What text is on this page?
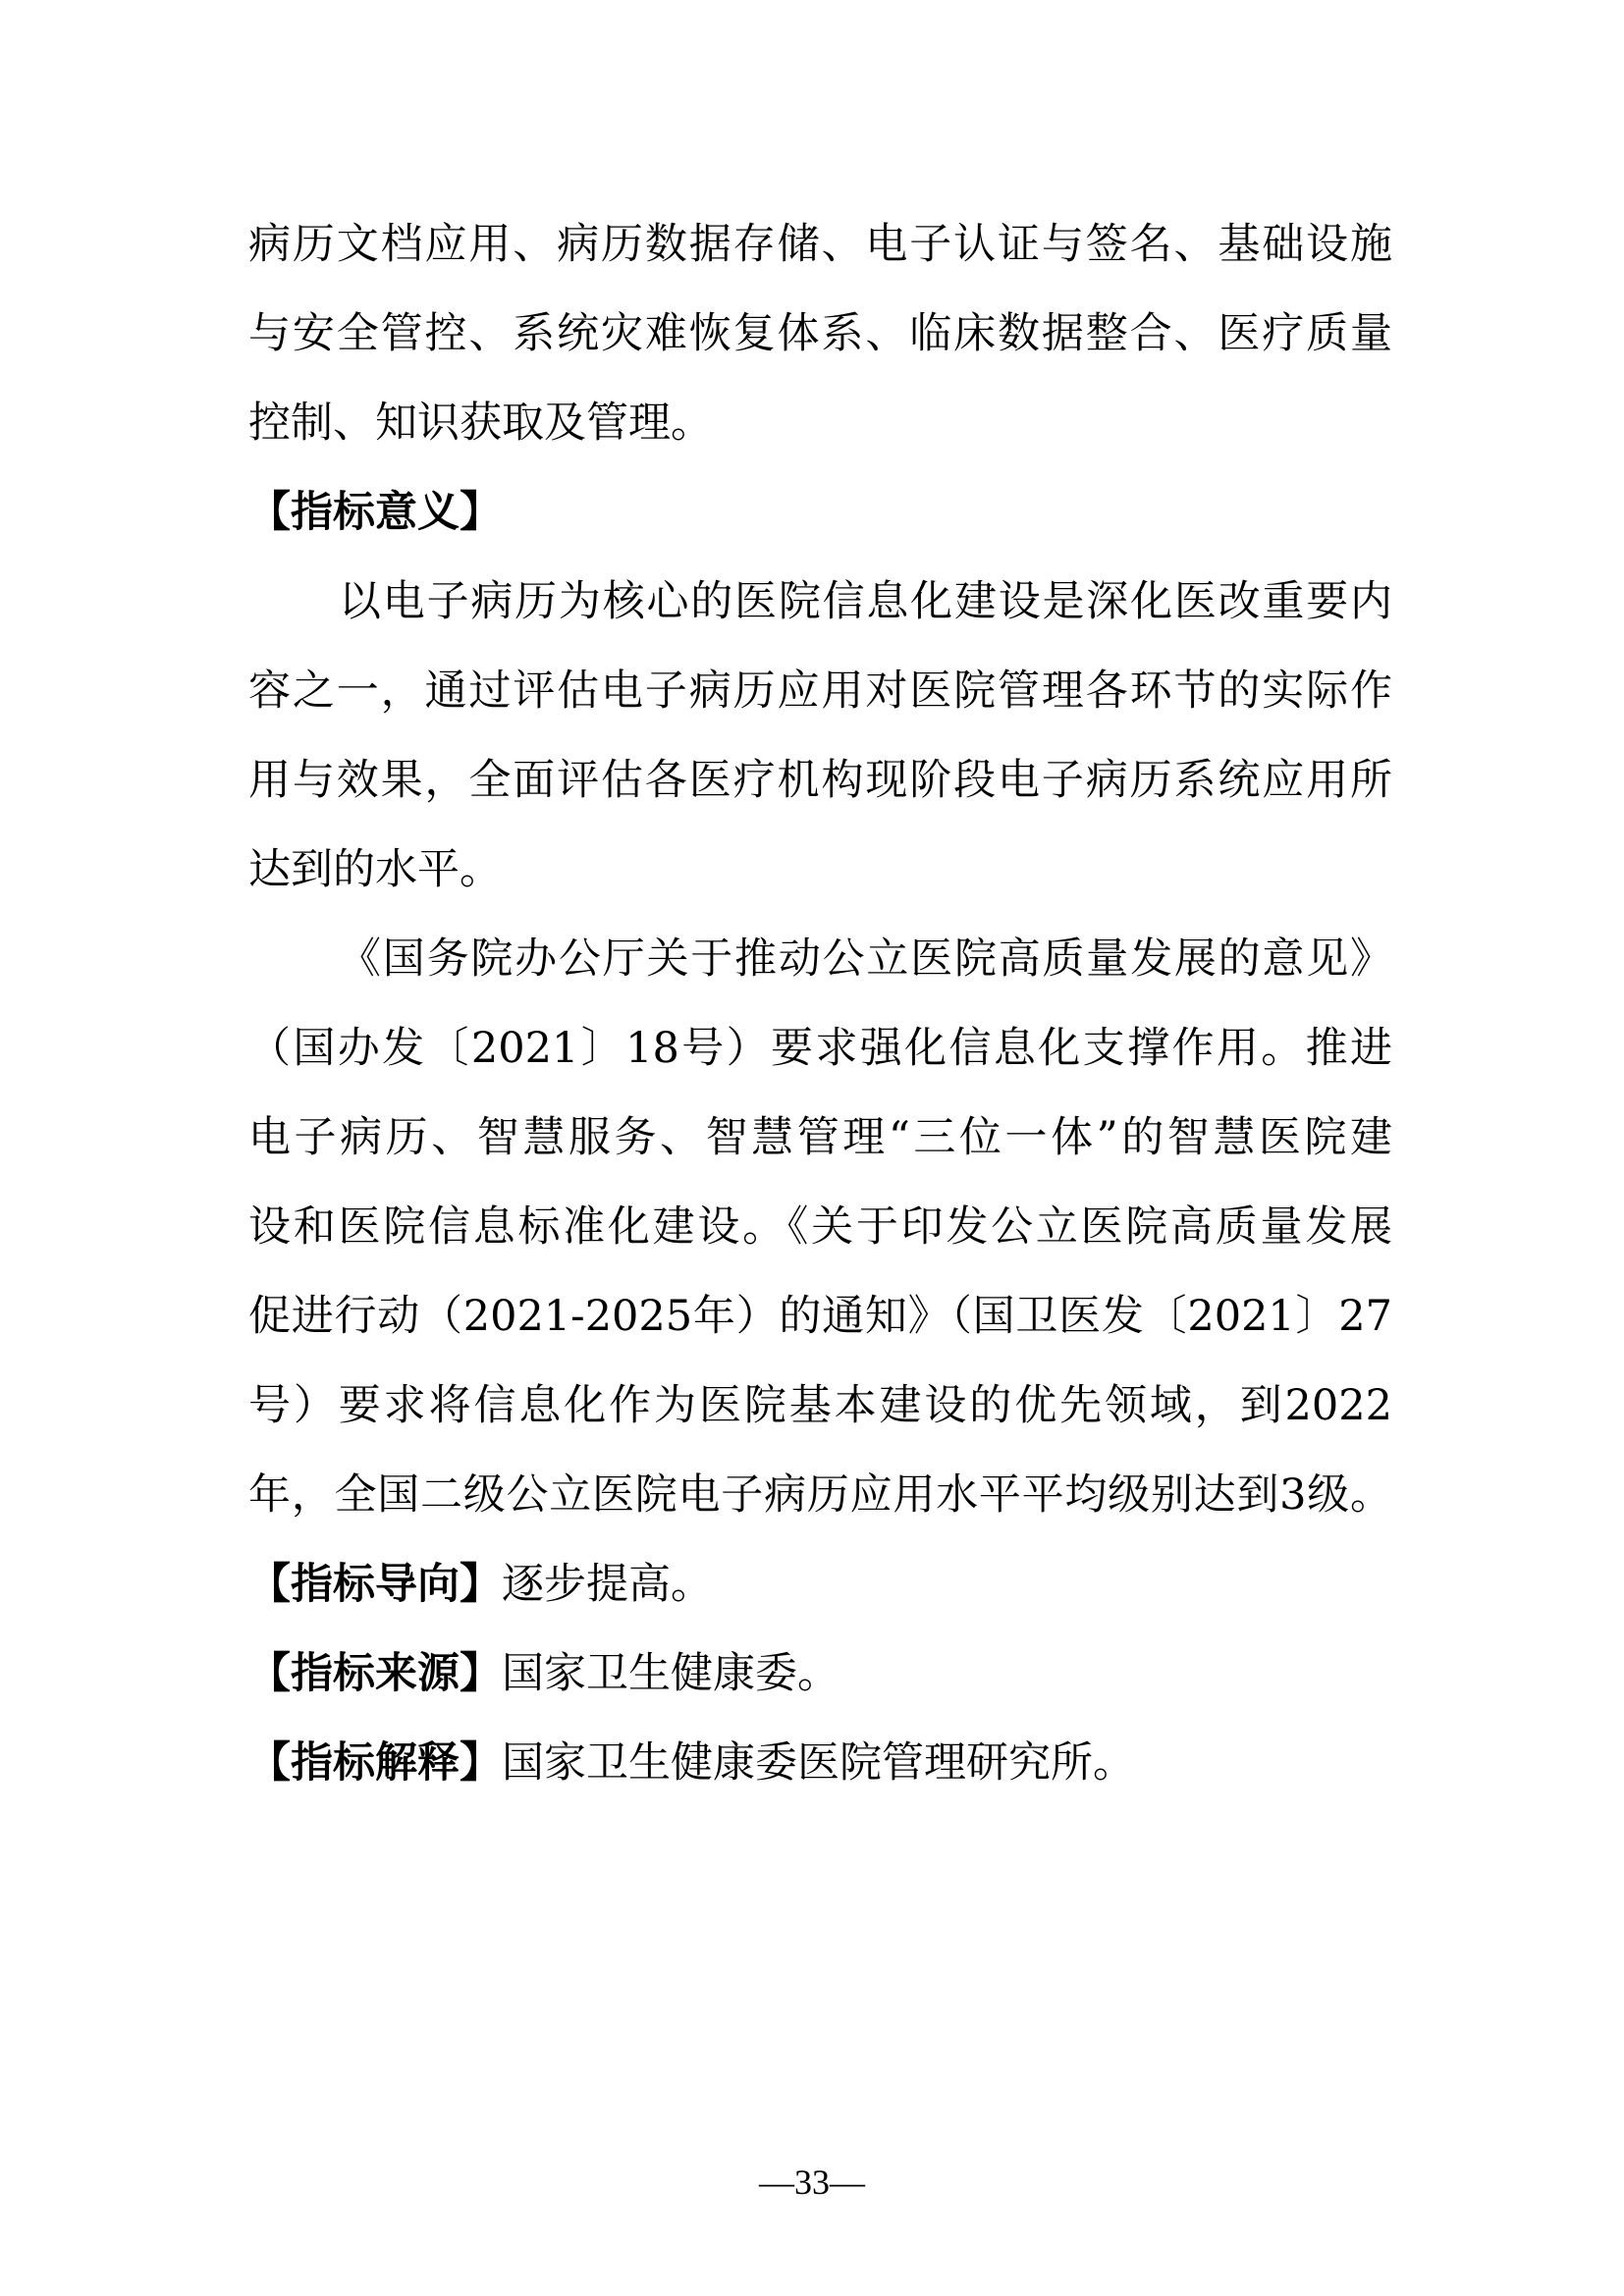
病历文档应用、病历数据存储、电子认证与签名、基础设施
与安全管控、系统灾难恢复体系、临床数据整合、医疗质量
控制、知识获取及管理。
【指标意义】
以电子病历为核心的医院信息化建设是深化医改重要内
容之一，通过评估电子病历应用对医院管理各环节的实际作
用与效果，全面评估各医疗机构现阶段电子病历系统应用所
达到的水平。
《国务院办公厅关于推动公立医院高质量发展的意见》
（国办发〔2021〕18号）要求强化信息化支撑作用。推进
电子病历、智慧服务、智慧管理“三位一体”的智慧医院建
设和医院信息标准化建设。《关于印发公立医院高质量发展
促进行动（2021-2025年）的通知》（国卫医发〔2021〕27
号）要求将信息化作为医院基本建设的优先领域，到2022
年，全国二级公立医院电子病历应用水平平均级别达到3级。
【指标导向】逐步提高。
【指标来源】国家卫生健康委。
【指标解释】国家卫生健康委医院管理研究所。
—33—
